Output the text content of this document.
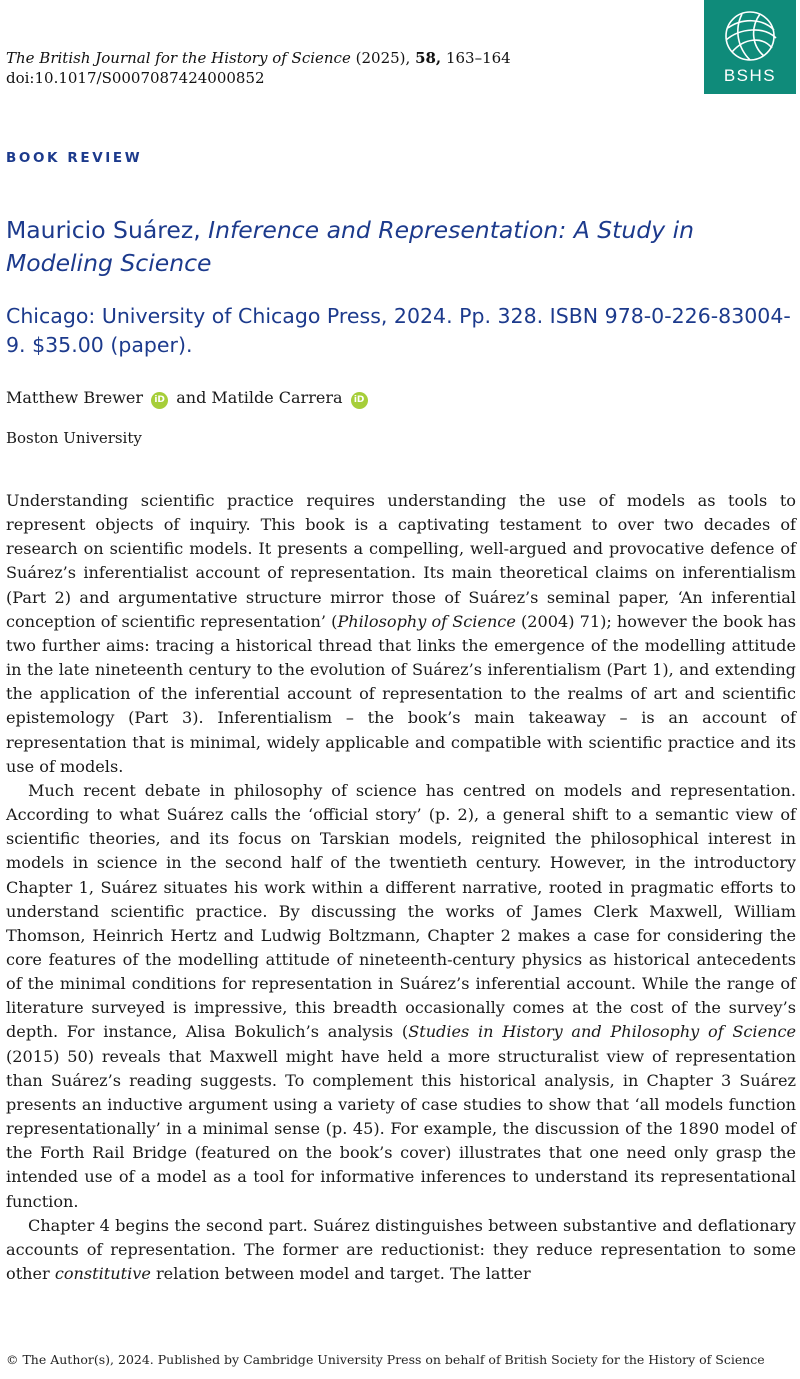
The British Journal for the History of Science (2025), 58, 163–164
doi:10.1017/S0007087424000852	BSHS
BOOK REVIEW
Mauricio Suárez, Inference and Representation: A Study in Modeling Science
Chicago: University of Chicago Press, 2024. Pp. 328. ISBN 978-0-226-83004-9. $35.00 (paper).
Matthew Brewer iD and Matilde Carrera iD
Boston University

Understanding scientific practice requires understanding the use of models as tools to represent objects of inquiry. This book is a captivating testament to over two decades of research on scientific models. It presents a compelling, well-argued and provocative defence of Suárez’s inferentialist account of representation. Its main theoretical claims on inferentialism (Part 2) and argumentative structure mirror those of Suárez’s seminal paper, ‘An inferential conception of scientific representation’ (Philosophy of Science (2004) 71); however the book has two further aims: tracing a historical thread that links the emergence of the modelling attitude in the late nineteenth century to the evolution of Suárez’s inferentialism (Part 1), and extending the application of the inferential account of representation to the realms of art and scientific epistemology (Part 3). Inferentialism – the book’s main takeaway – is an account of representation that is minimal, widely applicable and compatible with scientific practice and its use of models.

Much recent debate in philosophy of science has centred on models and representation. According to what Suárez calls the ‘official story’ (p. 2), a general shift to a semantic view of scientific theories, and its focus on Tarskian models, reignited the philosophical interest in models in science in the second half of the twentieth century. However, in the introductory Chapter 1, Suárez situates his work within a different narrative, rooted in pragmatic efforts to understand scientific practice. By discussing the works of James Clerk Maxwell, William Thomson, Heinrich Hertz and Ludwig Boltzmann, Chapter 2 makes a case for considering the core features of the modelling attitude of nineteenth-century physics as historical antecedents of the minimal conditions for representation in Suárez’s inferential account. While the range of literature surveyed is impressive, this breadth occasionally comes at the cost of the survey’s depth. For instance, Alisa Bokulich’s analysis (Studies in History and Philosophy of Science (2015) 50) reveals that Maxwell might have held a more structuralist view of representation than Suárez’s reading suggests. To complement this historical analysis, in Chapter 3 Suárez presents an inductive argument using a variety of case studies to show that ‘all models function representationally’ in a minimal sense (p. 45). For example, the discussion of the 1890 model of the Forth Rail Bridge (featured on the book’s cover) illustrates that one need only grasp the intended use of a model as a tool for informative inferences to understand its representational function.

Chapter 4 begins the second part. Suárez distinguishes between substantive and deflationary accounts of representation. The former are reductionist: they reduce representation to some other constitutive relation between model and target. The latter

© The Author(s), 2024. Published by Cambridge University Press on behalf of British Society for the History of Science
